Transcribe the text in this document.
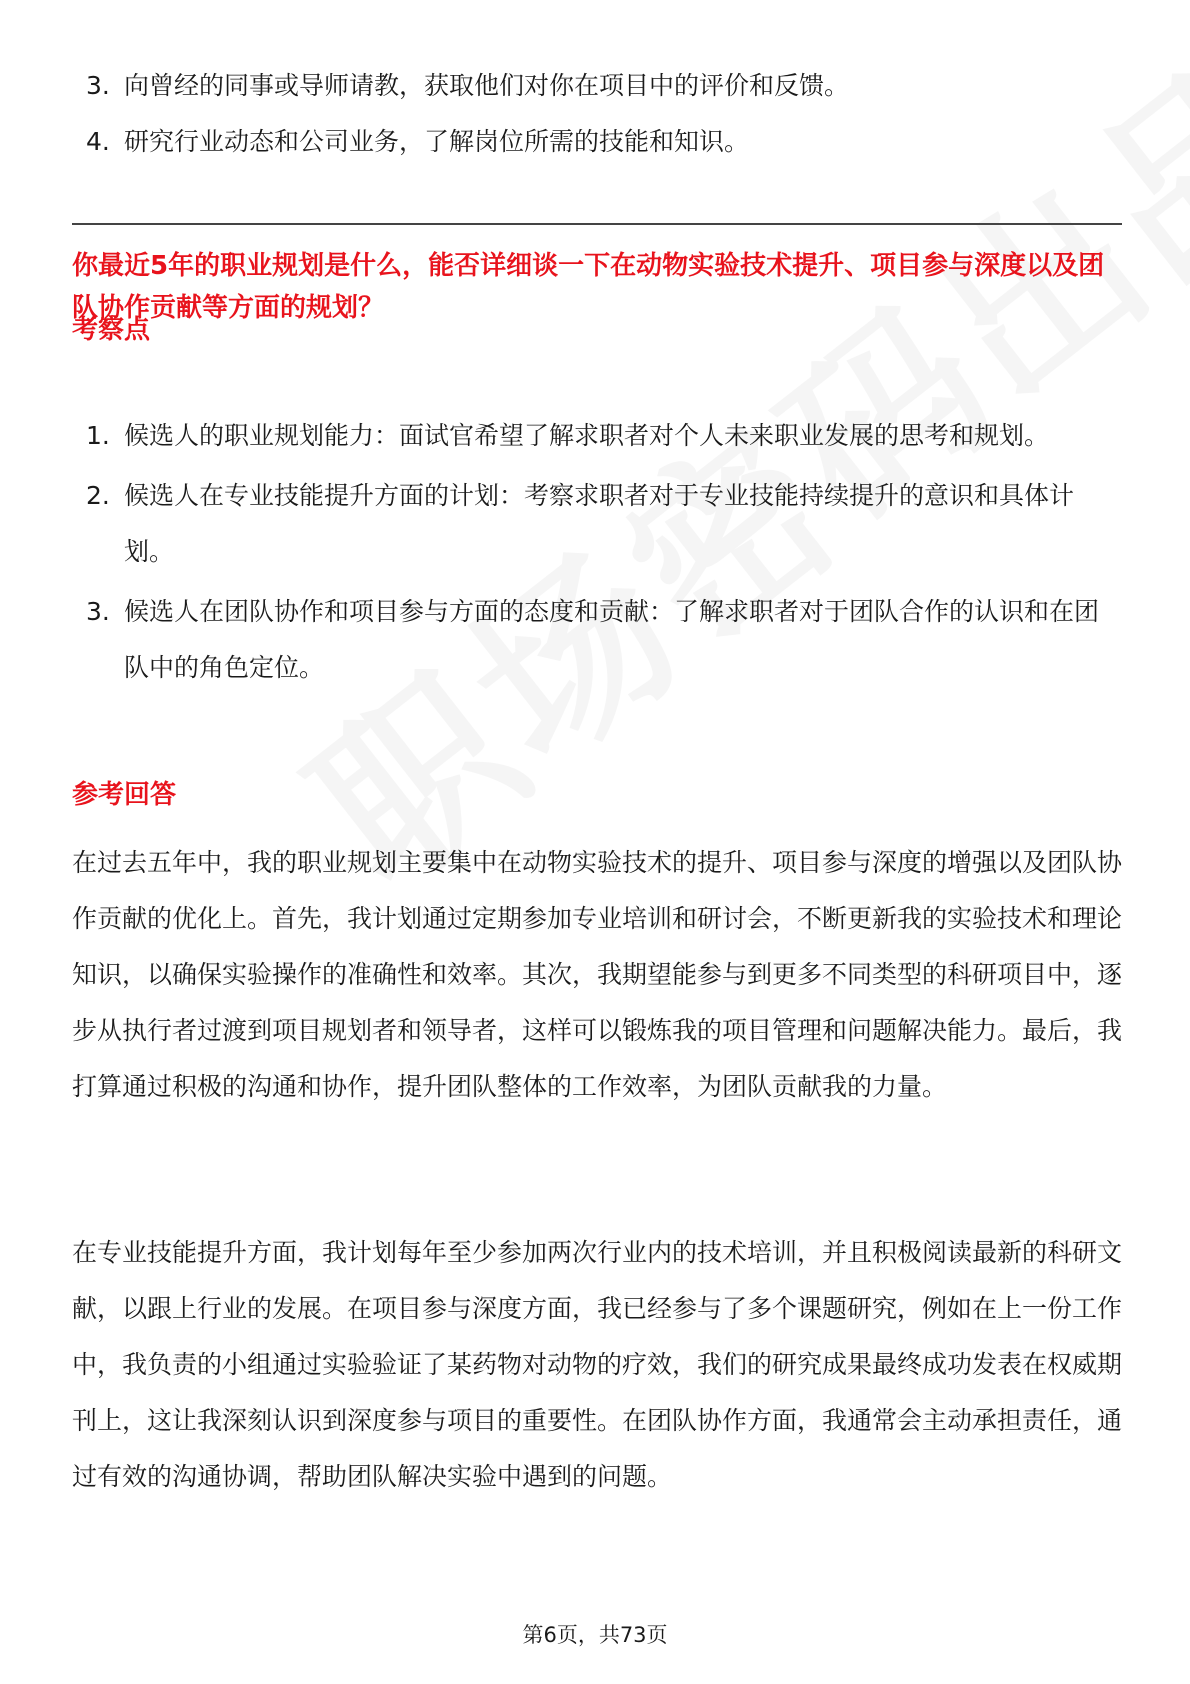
3. 向曾经的同事或导师请教，获取他们对你在项目中的评价和反馈。
4. 研究行业动态和公司业务，了解岗位所需的技能和知识。
你最近5年的职业规划是什么，能否详细谈一下在动物实验技术提升、项目参与深度以及团队协作贡献等方面的规划？
考察点
1. 候选人的职业规划能力：面试官希望了解求职者对个人未来职业发展的思考和规划。
2. 候选人在专业技能提升方面的计划：考察求职者对于专业技能持续提升的意识和具体计划。
3. 候选人在团队协作和项目参与方面的态度和贡献：了解求职者对于团队合作的认识和在团队中的角色定位。
参考回答
在过去五年中，我的职业规划主要集中在动物实验技术的提升、项目参与深度的增强以及团队协作贡献的优化上。首先，我计划通过定期参加专业培训和研讨会，不断更新我的实验技术和理论知识，以确保实验操作的准确性和效率。其次，我期望能参与到更多不同类型的科研项目中，逐步从执行者过渡到项目规划者和领导者，这样可以锻炼我的项目管理和问题解决能力。最后，我打算通过积极的沟通和协作，提升团队整体的工作效率，为团队贡献我的力量。
在专业技能提升方面，我计划每年至少参加两次行业内的技术培训，并且积极阅读最新的科研文献，以跟上行业的发展。在项目参与深度方面，我已经参与了多个课题研究，例如在上一份工作中，我负责的小组通过实验验证了某药物对动物的疗效，我们的研究成果最终成功发表在权威期刊上，这让我深刻认识到深度参与项目的重要性。在团队协作方面，我通常会主动承担责任，通过有效的沟通协调，帮助团队解决实验中遇到的问题。
第6页，共73页
